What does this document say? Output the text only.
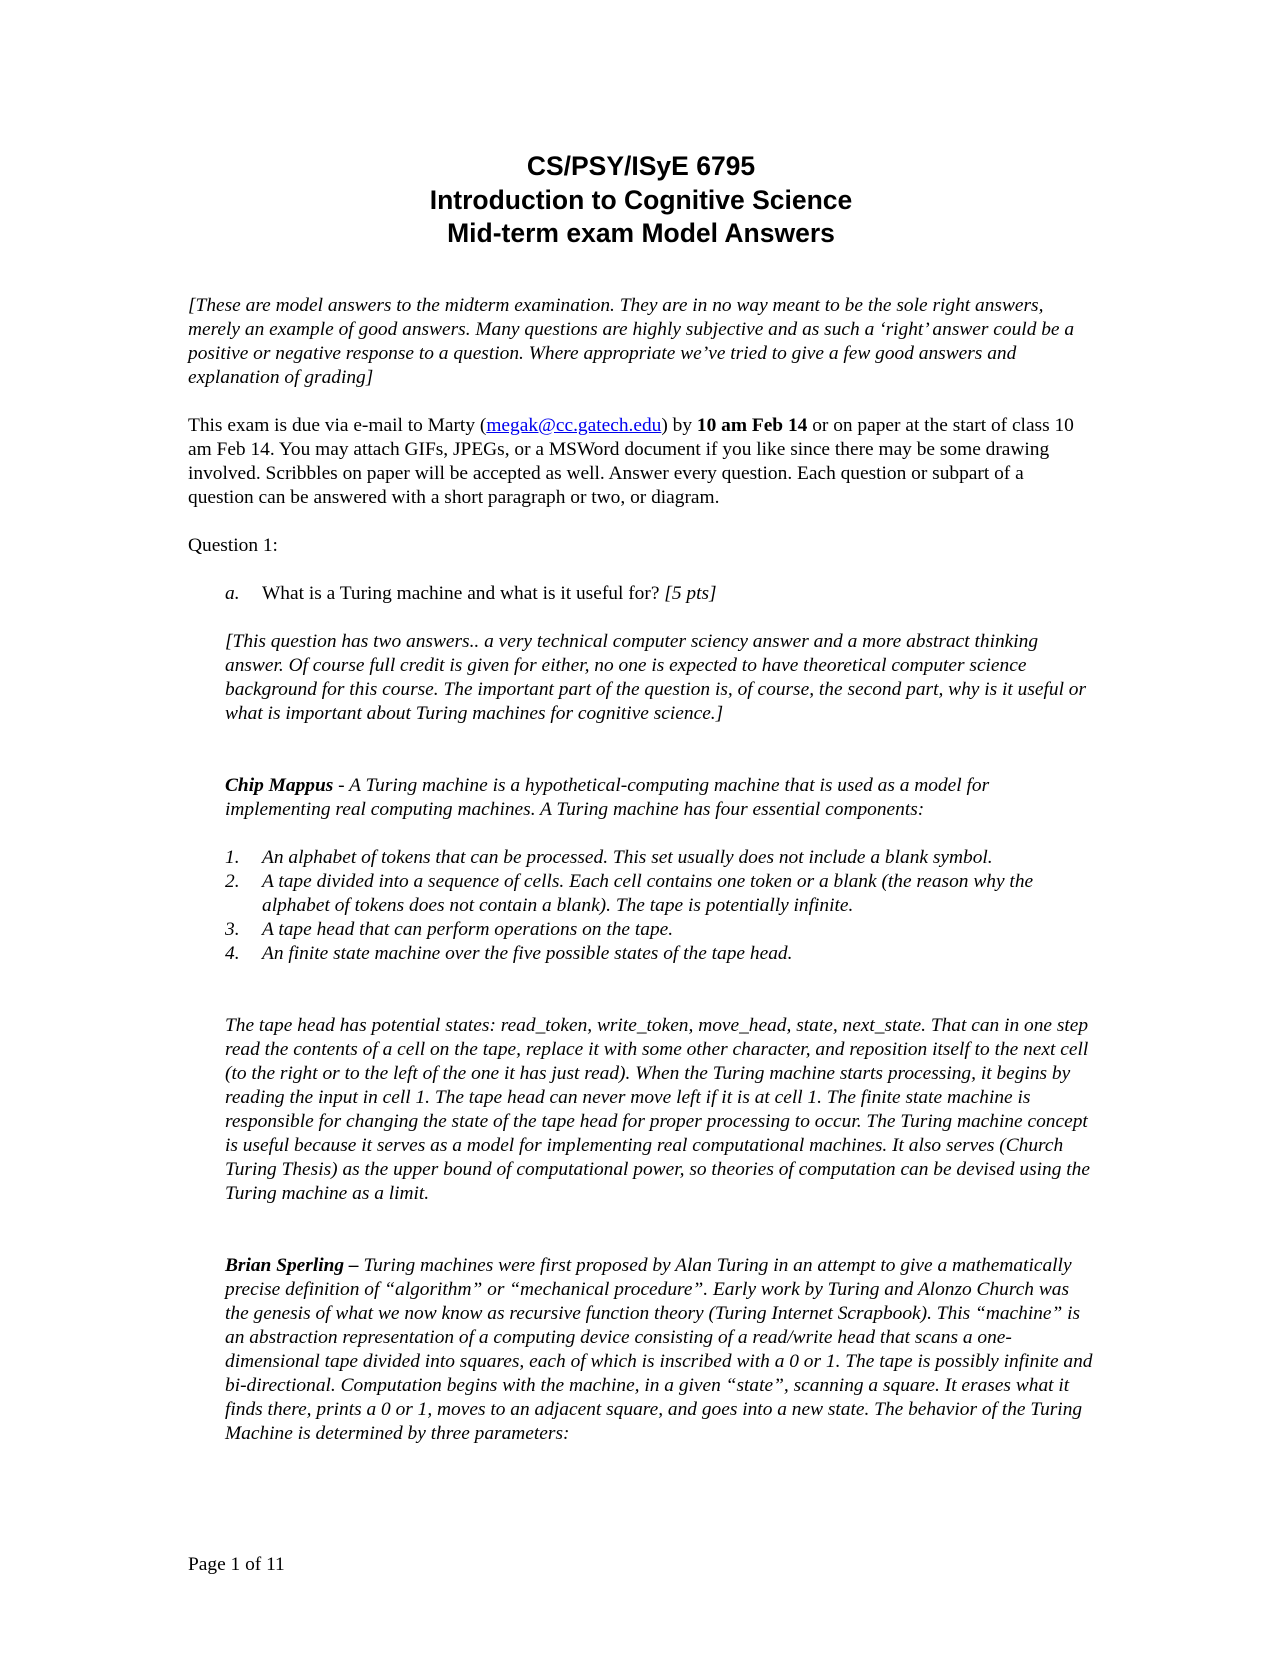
CS/PSY/ISyE 6795
Introduction to Cognitive Science
Mid-term exam Model Answers

[These are model answers to the midterm examination. They are in no way meant to be the sole right answers, merely an example of good answers. Many questions are highly subjective and as such a ‘right’ answer could be a positive or negative response to a question. Where appropriate we’ve tried to give a few good answers and explanation of grading]

This exam is due via e-mail to Marty (megak@cc.gatech.edu) by 10 am Feb 14 or on paper at the start of class 10 am Feb 14. You may attach GIFs, JPEGs, or a MSWord document if you like since there may be some drawing involved. Scribbles on paper will be accepted as well. Answer every question. Each question or subpart of a question can be answered with a short paragraph or two, or diagram.

Question 1:

a.	What is a Turing machine and what is it useful for? [5 pts]

[This question has two answers.. a very technical computer sciency answer and a more abstract thinking answer. Of course full credit is given for either, no one is expected to have theoretical computer science background for this course. The important part of the question is, of course, the second part, why is it useful or what is important about Turing machines for cognitive science.]

Chip Mappus - A Turing machine is a hypothetical-computing machine that is used as a model for implementing real computing machines. A Turing machine has four essential components:

1.	An alphabet of tokens that can be processed. This set usually does not include a blank symbol.
2.	A tape divided into a sequence of cells. Each cell contains one token or a blank (the reason why the alphabet of tokens does not contain a blank). The tape is potentially infinite.
3.	A tape head that can perform operations on the tape.
4.	An finite state machine over the five possible states of the tape head.

The tape head has potential states: read_token, write_token, move_head, state, next_state. That can in one step read the contents of a cell on the tape, replace it with some other character, and reposition itself to the next cell (to the right or to the left of the one it has just read). When the Turing machine starts processing, it begins by reading the input in cell 1. The tape head can never move left if it is at cell 1. The finite state machine is responsible for changing the state of the tape head for proper processing to occur. The Turing machine concept is useful because it serves as a model for implementing real computational machines. It also serves (Church Turing Thesis) as the upper bound of computational power, so theories of computation can be devised using the Turing machine as a limit.

Brian Sperling – Turing machines were first proposed by Alan Turing in an attempt to give a mathematically precise definition of “algorithm” or “mechanical procedure”. Early work by Turing and Alonzo Church was the genesis of what we now know as recursive function theory (Turing Internet Scrapbook). This “machine” is an abstraction representation of a computing device consisting of a read/write head that scans a one-dimensional tape divided into squares, each of which is inscribed with a 0 or 1. The tape is possibly infinite and bi-directional. Computation begins with the machine, in a given “state”, scanning a square. It erases what it finds there, prints a 0 or 1, moves to an adjacent square, and goes into a new state. The behavior of the Turing Machine is determined by three parameters:

Page 1 of 11
